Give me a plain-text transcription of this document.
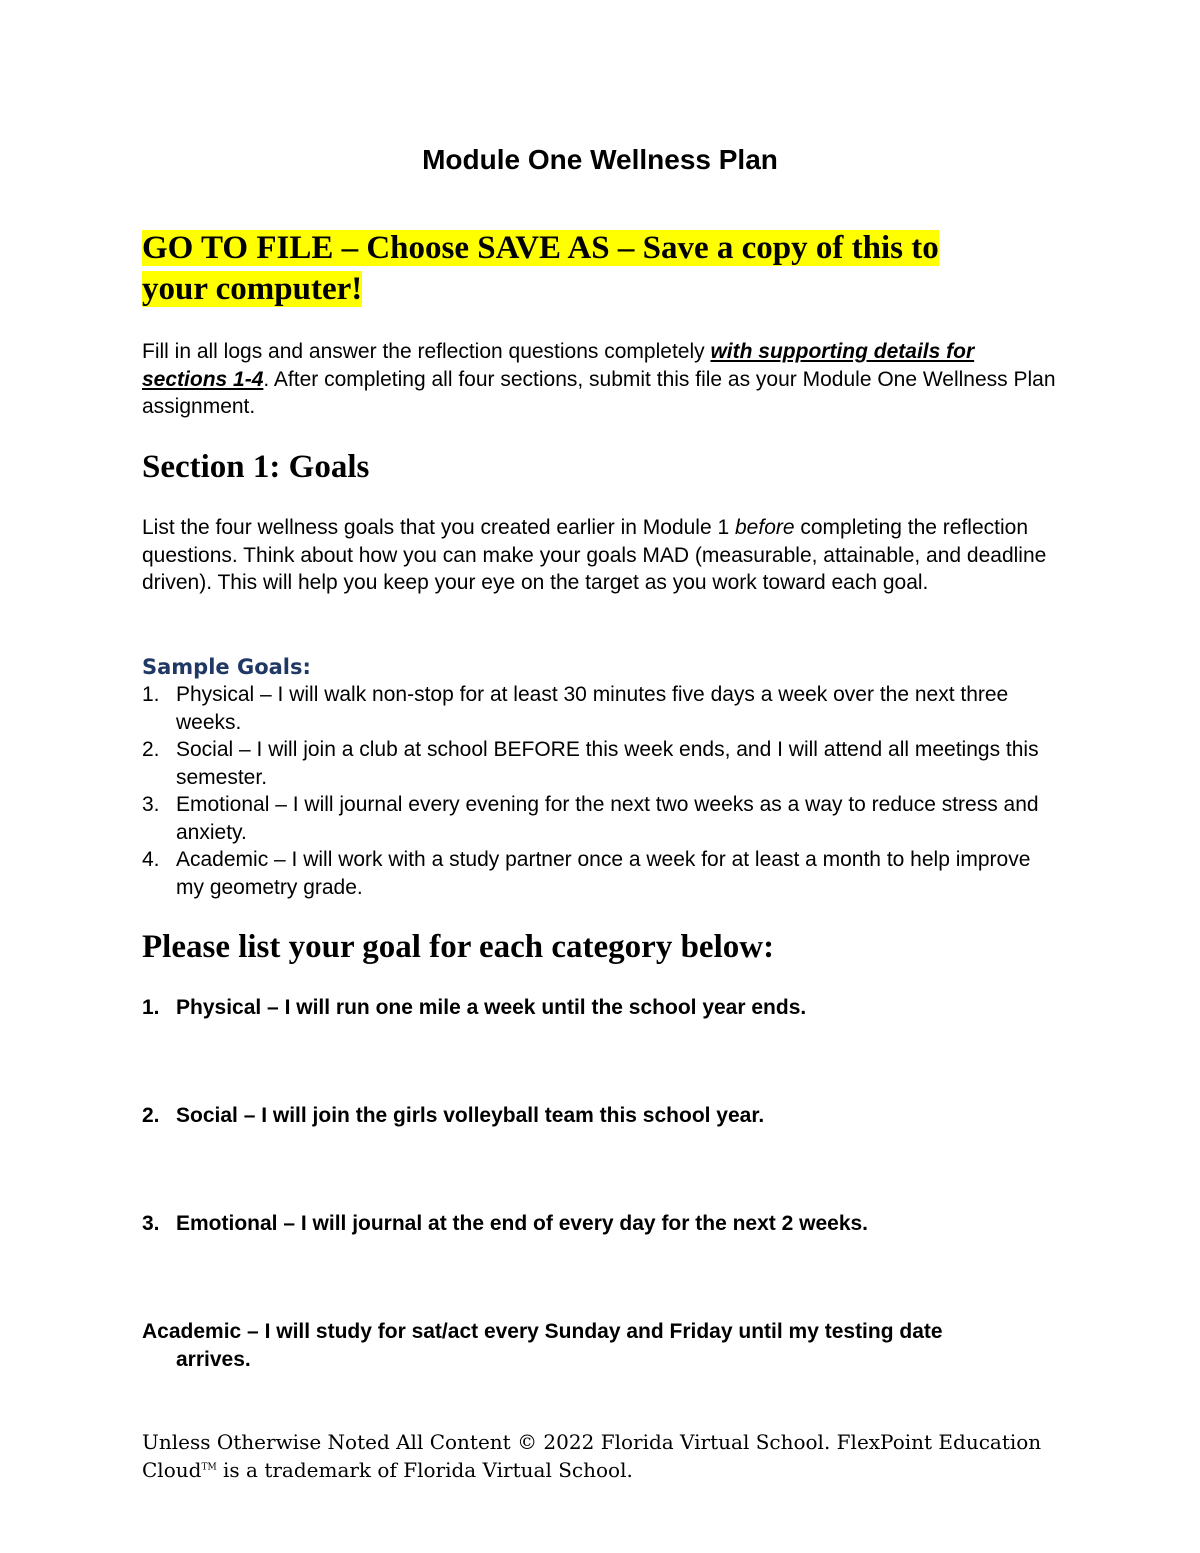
Module One Wellness Plan
GO TO FILE – Choose SAVE AS – Save a copy of this to
your computer!
Fill in all logs and answer the reflection questions completely with supporting details for sections 1-4. After completing all four sections, submit this file as your Module One Wellness Plan assignment.
Section 1: Goals
List the four wellness goals that you created earlier in Module 1 before completing the reflection questions. Think about how you can make your goals MAD (measurable, attainable, and deadline driven). This will help you keep your eye on the target as you work toward each goal.
Sample Goals:
1. Physical – I will walk non-stop for at least 30 minutes five days a week over the next three weeks.
2. Social – I will join a club at school BEFORE this week ends, and I will attend all meetings this semester.
3. Emotional – I will journal every evening for the next two weeks as a way to reduce stress and anxiety.
4. Academic – I will work with a study partner once a week for at least a month to help improve my geometry grade.
Please list your goal for each category below:
1. Physical – I will run one mile a week until the school year ends.
2. Social – I will join the girls volleyball team this school year.
3. Emotional – I will journal at the end of every day for the next 2 weeks.
Academic – I will study for sat/act every Sunday and Friday until my testing date
arrives.
Unless Otherwise Noted All Content © 2022 Florida Virtual School. FlexPoint Education
Cloud™ is a trademark of Florida Virtual School.
